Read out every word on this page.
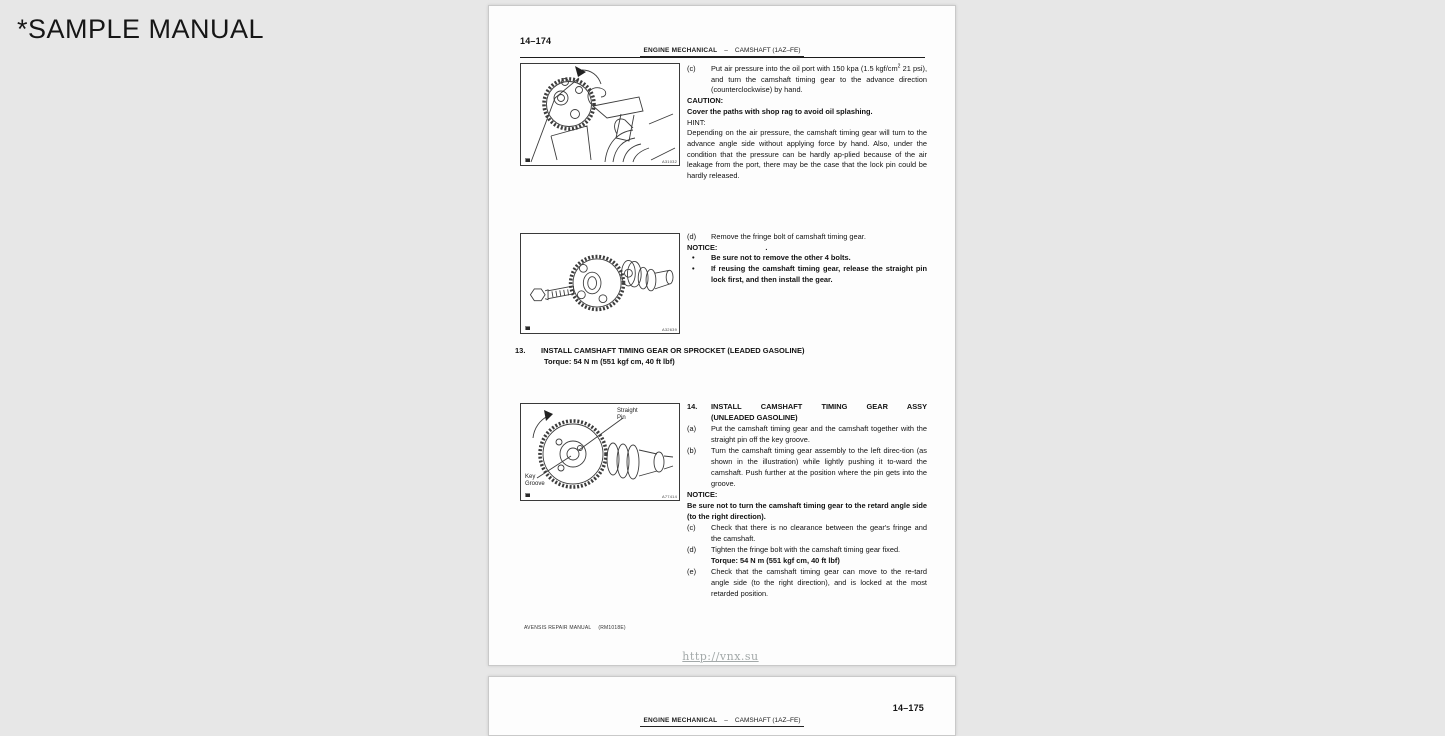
*SAMPLE MANUAL	14–174
ENGINE MECHANICAL – CAMSHAFT (1AZ–FE)
A31032
(c) Put air pressure into the oil port with 150 kpa (1.5 kgf/$cm^2$ 21 psi), and turn the camshaft timing gear to the advance direction (counterclockwise) by hand.
CAUTION:
Cover the paths with shop rag to avoid oil splashing.
HINT:
Depending on the air pressure, the camshaft timing gear will turn to the advance angle side without applying force by hand. Also, under the condition that the pressure can be hardly ap-plied because of the air leakage from the port, there may be the case that the lock pin could be hardly released.
A32639
(d) Remove the fringe bolt of camshaft timing gear.
NOTICE:	.
• Be sure not to remove the other 4 bolts.
• If reusing the camshaft timing gear, release the straight pin lock first, and then install the gear.
13.	INSTALL CAMSHAFT TIMING GEAR OR SPROCKET (LEADED GASOLINE)
Torque: 54 N m (551 kgf cm, 40 ft lbf)
Straight
Pin
Key
Groove
A77414
14. INSTALL CAMSHAFT TIMING GEAR ASSY
(UNLEADED GASOLINE)
(a) Put the camshaft timing gear and the camshaft together with the straight pin off the key groove.
(b) Turn the camshaft timing gear assembly to the left direc-tion (as shown in the illustration) while lightly pushing it to-ward the camshaft. Push further at the position where the pin gets into the groove.
NOTICE:
Be sure not to turn the camshaft timing gear to the retard angle side (to the right direction).
(c) Check that there is no clearance between the gear's fringe and the camshaft.
(d) Tighten the fringe bolt with the camshaft timing gear fixed.
Torque: 54 N m (551 kgf cm, 40 ft lbf)
(e) Check that the camshaft timing gear can move to the re-tard angle side (to the right direction), and is locked at the most retarded position.
AVENSIS REPAIR MANUAL (RM1018E)
http://vnx.su
14–175
ENGINE MECHANICAL – CAMSHAFT (1AZ–FE)
